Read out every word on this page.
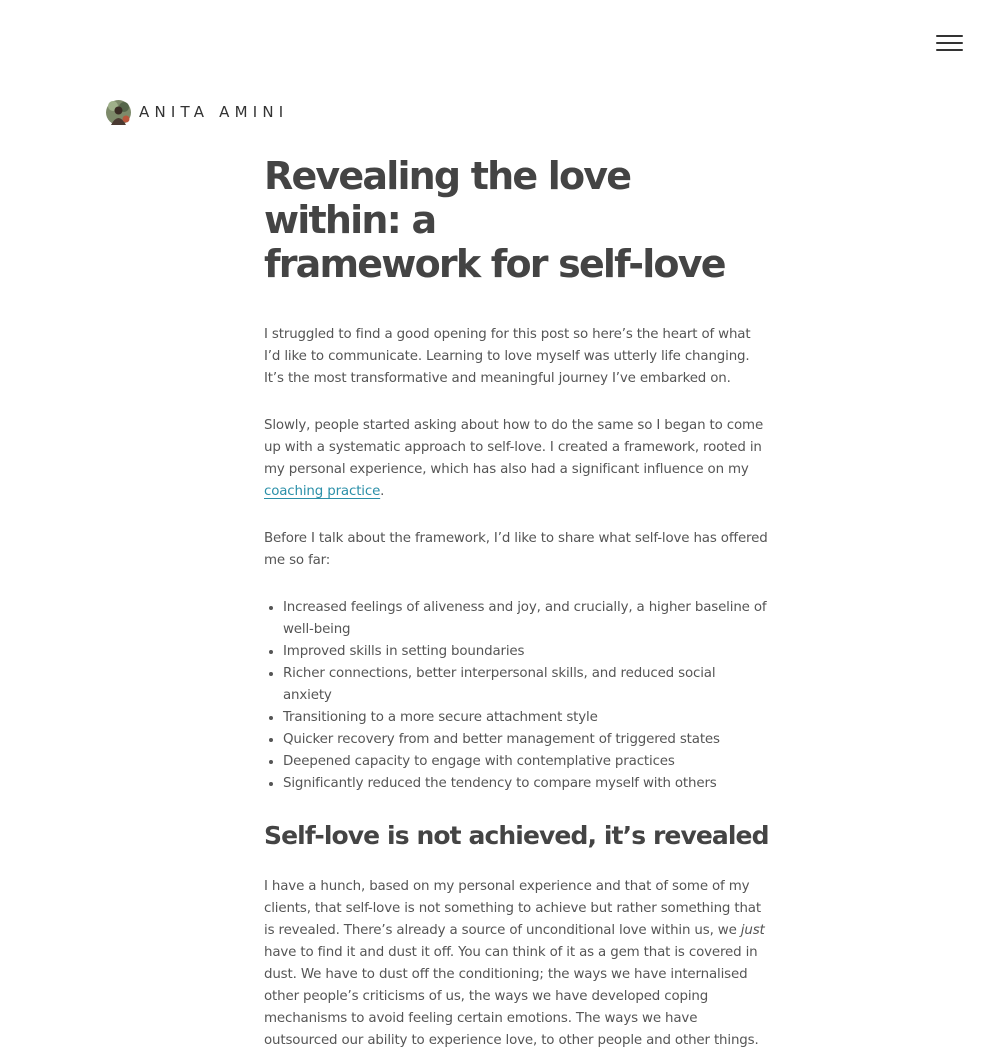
ANITA AMINI
Revealing the love within: a
framework for self-love

I struggled to find a good opening for this post so here’s the heart of what
I’d like to communicate. Learning to love myself was utterly life changing.
It’s the most transformative and meaningful journey I’ve embarked on.

Slowly, people started asking about how to do the same so I began to come
up with a systematic approach to self-love. I created a framework, rooted in
my personal experience, which has also had a significant influence on my
coaching practice.

Before I talk about the framework, I’d like to share what self-love has offered
me so far:

• Increased feelings of aliveness and joy, and crucially, a higher baseline of
well-being
• Improved skills in setting boundaries
• Richer connections, better interpersonal skills, and reduced social
anxiety
• Transitioning to a more secure attachment style
• Quicker recovery from and better management of triggered states
• Deepened capacity to engage with contemplative practices
• Significantly reduced the tendency to compare myself with others
Self-love is not achieved, it’s revealed

I have a hunch, based on my personal experience and that of some of my
clients, that self-love is not something to achieve but rather something that
is revealed. There’s already a source of unconditional love within us, we just
have to find it and dust it off. You can think of it as a gem that is covered in
dust. We have to dust off the conditioning; the ways we have internalised
other people’s criticisms of us, the ways we have developed coping
mechanisms to avoid feeling certain emotions. The ways we have
outsourced our ability to experience love, to other people and other things.
